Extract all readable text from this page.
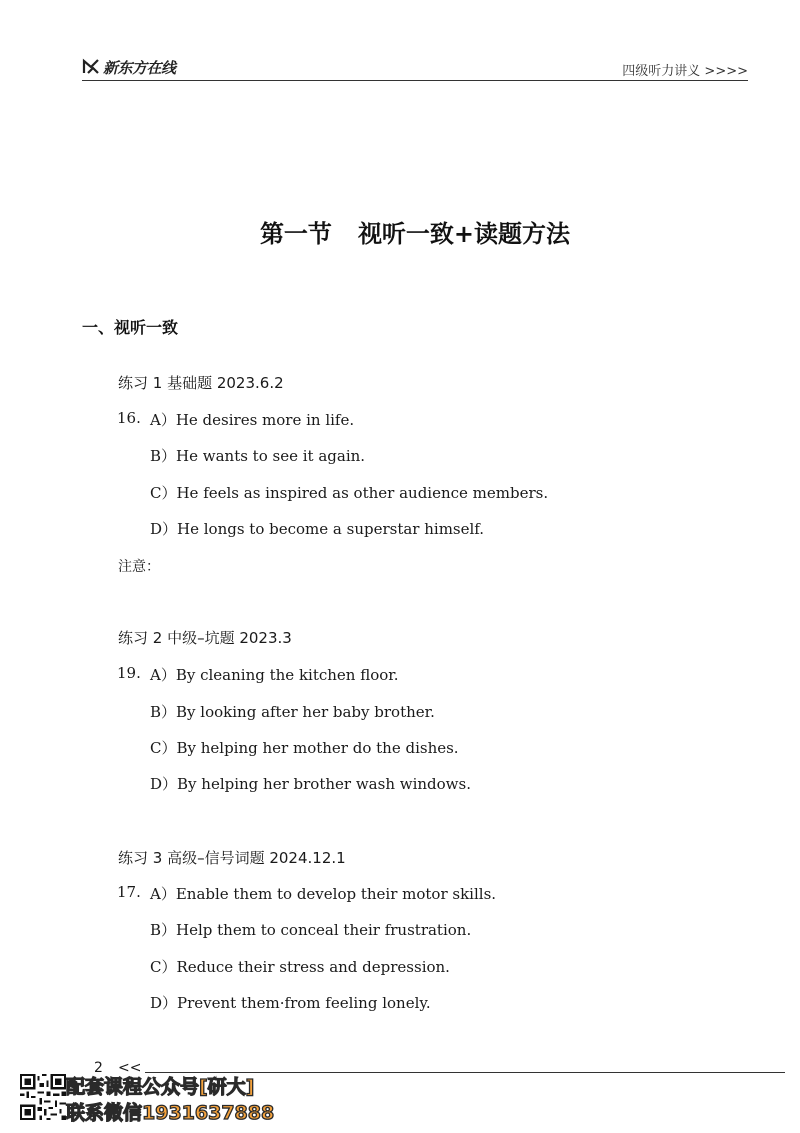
新东方在线	四级听力讲义 >>>>
第一节 视听一致+读题方法
一、视听一致
练习 1 基础题 2023.6.2
16. A）He desires more in life.
B）He wants to see it again.
C）He feels as inspired as other audience members.
D）He longs to become a superstar himself.
注意：
练习 2 中级–坑题 2023.3
19. A）By cleaning the kitchen floor.
B）By looking after her baby brother.
C）By helping her mother do the dishes.
D）By helping her brother wash windows.
练习 3 高级–信号词题 2024.12.1
17. A）Enable them to develop their motor skills.
B）Help them to conceal their frustration.
C）Reduce their stress and depression.
D）Prevent them·from feeling lonely.
2 <<
配套课程公众号[研大]
联系微信1931637888
